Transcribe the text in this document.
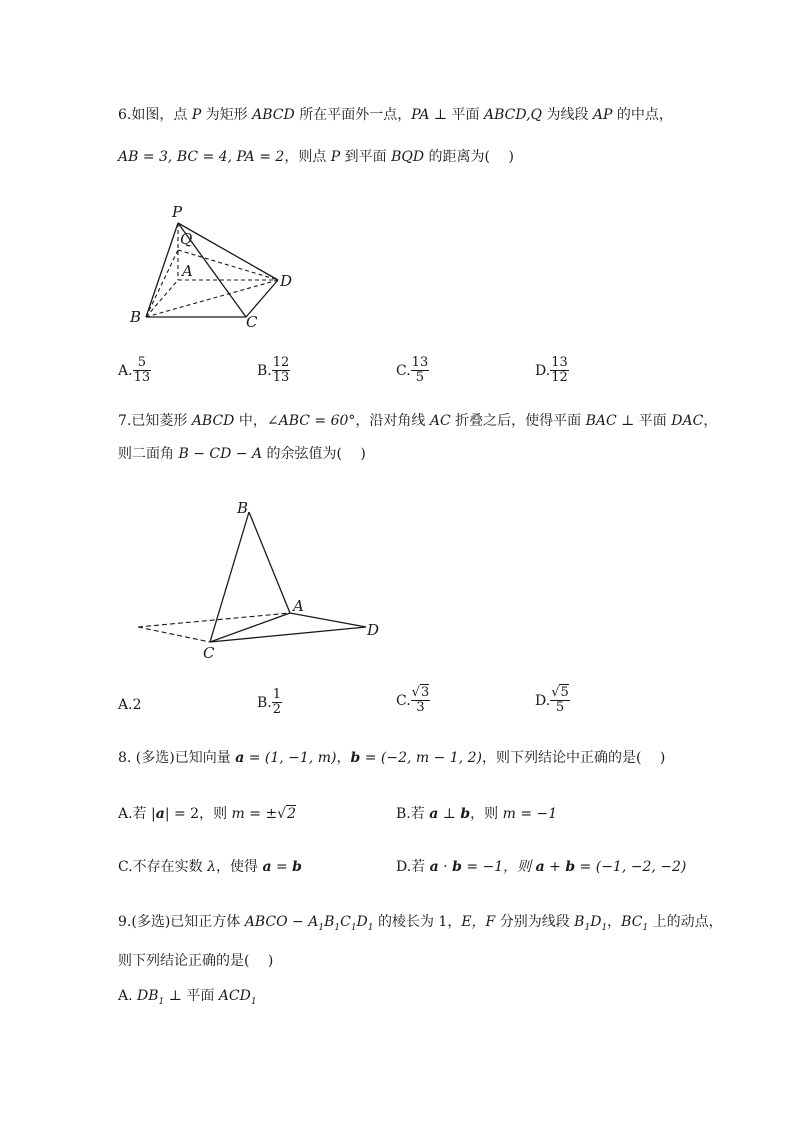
6.如图，点 P 为矩形 ABCD 所在平面外一点，PA ⊥ 平面 ABCD,Q 为线段 AP 的中点，
AB = 3, BC = 4, PA = 2，则点 P 到平面 BQD 的距离为(　 )
P
Q
A
D
B	C
A. $\frac{5}{13}$	B. $\frac{12}{13}$	C. $\frac{13}{5}$	D. $\frac{13}{12}$
7.已知菱形 ABCD 中，∠ABC = 60°，沿对角线 AC 折叠之后，使得平面 BAC ⊥ 平面 DAC，
则二面角 B − CD − A 的余弦值为(　 )
B
A
D
C
A.2	B. $\frac{1}{2}$	C. $\frac{√3}{3}$	D. $\frac{√5}{5}$
8. (多选)已知向量 a = (1, −1, m)，b = (−2, m − 1, 2)，则下列结论中正确的是(　 )
A.若 |a| = 2，则 m = ±√2	B.若 a ⊥ b，则 m = −1
C.不存在实数 λ，使得 a = b	D.若 a · b = −1，则 a + b = (−1, −2, −2)
9.(多选)已知正方体 ABCO − $A_1B_1C_1D_1$ 的棱长为 1，E，F 分别为线段 $B_1D_1$，$BC_1$ 上的动点，
则下列结论正确的是(　 )
A. $DB_1$ ⊥ 平面 $ACD_1$
